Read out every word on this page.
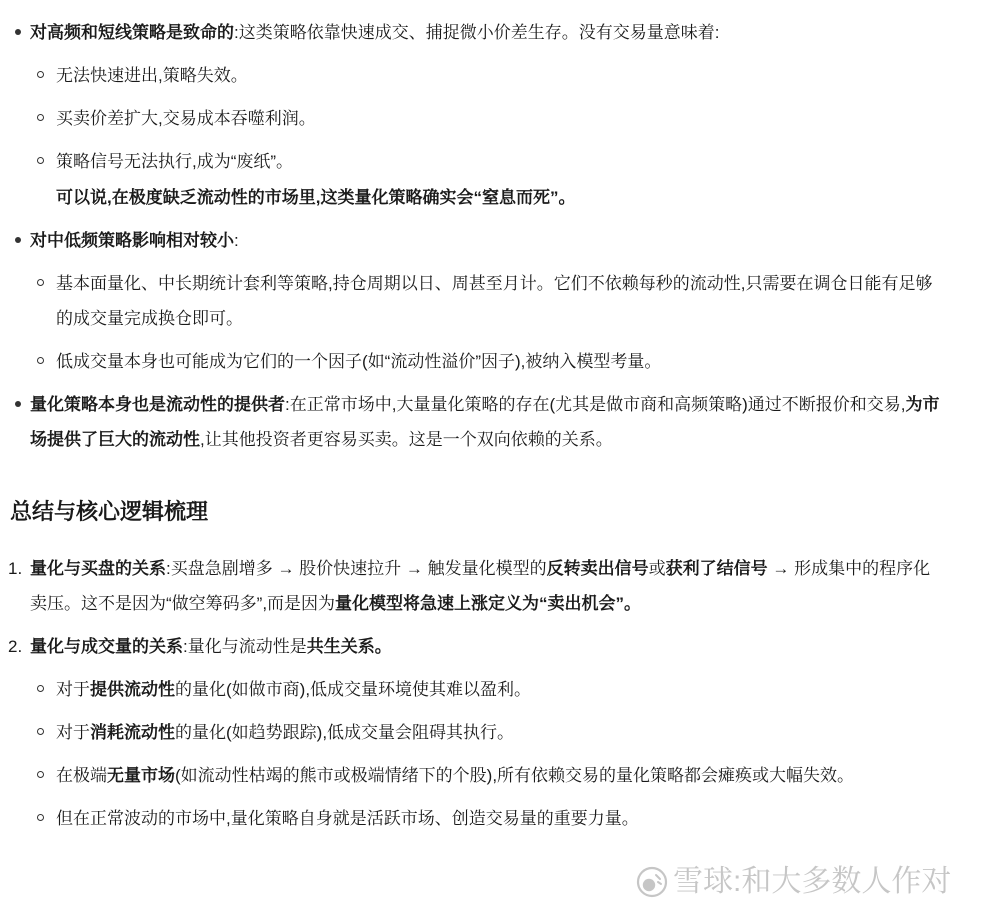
雪球:和大多数人作对

对高频和短线策略是致命的:这类策略依靠快速成交、捕捉微小价差生存。没有交易量意味着:

无法快速进出,策略失效。

买卖价差扩大,交易成本吞噬利润。

策略信号无法执行,成为“废纸”。

可以说,在极度缺乏流动性的市场里,这类量化策略确实会“窒息而死”。

对中低频策略影响相对较小:

基本面量化、中长期统计套利等策略,持仓周期以日、周甚至月计。它们不依赖每秒的流动性,只需要在调仓日能有足够的成交量完成换仓即可。

低成交量本身也可能成为它们的一个因子(如“流动性溢价”因子),被纳入模型考量。

量化策略本身也是流动性的提供者:在正常市场中,大量量化策略的存在(尤其是做市商和高频策略)通过不断报价和交易,为市场提供了巨大的流动性,让其他投资者更容易买卖。这是一个双向依赖的关系。

总结与核心逻辑梳理
1. 量化与买盘的关系:买盘急剧增多 → 股价快速拉升 → 触发量化模型的反转卖出信号或获利了结信号 → 形成集中的程序化卖压。这不是因为“做空筹码多”,而是因为量化模型将急速上涨定义为“卖出机会”。

2. 量化与成交量的关系:量化与流动性是共生关系。

对于提供流动性的量化(如做市商),低成交量环境使其难以盈利。

对于消耗流动性的量化(如趋势跟踪),低成交量会阻碍其执行。

在极端无量市场(如流动性枯竭的熊市或极端情绪下的个股),所有依赖交易的量化策略都会瘫痪或大幅失效。

但在正常波动的市场中,量化策略自身就是活跃市场、创造交易量的重要力量。
